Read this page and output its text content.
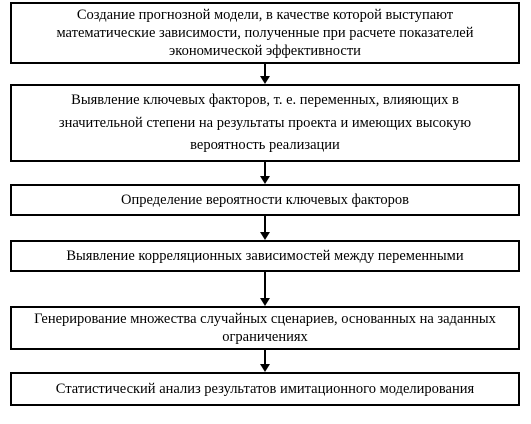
Создание прогнозной модели, в качестве которой выступают
математические зависимости, полученные при расчете показателей
экономической эффективности
Выявление ключевых факторов, т. е. переменных, влияющих в
значительной степени на результаты проекта и имеющих высокую
вероятность реализации
Определение вероятности ключевых факторов
Выявление корреляционных зависимостей между переменными
Генерирование множества случайных сценариев, основанных на заданных
ограничениях
Статистический анализ результатов имитационного моделирования
